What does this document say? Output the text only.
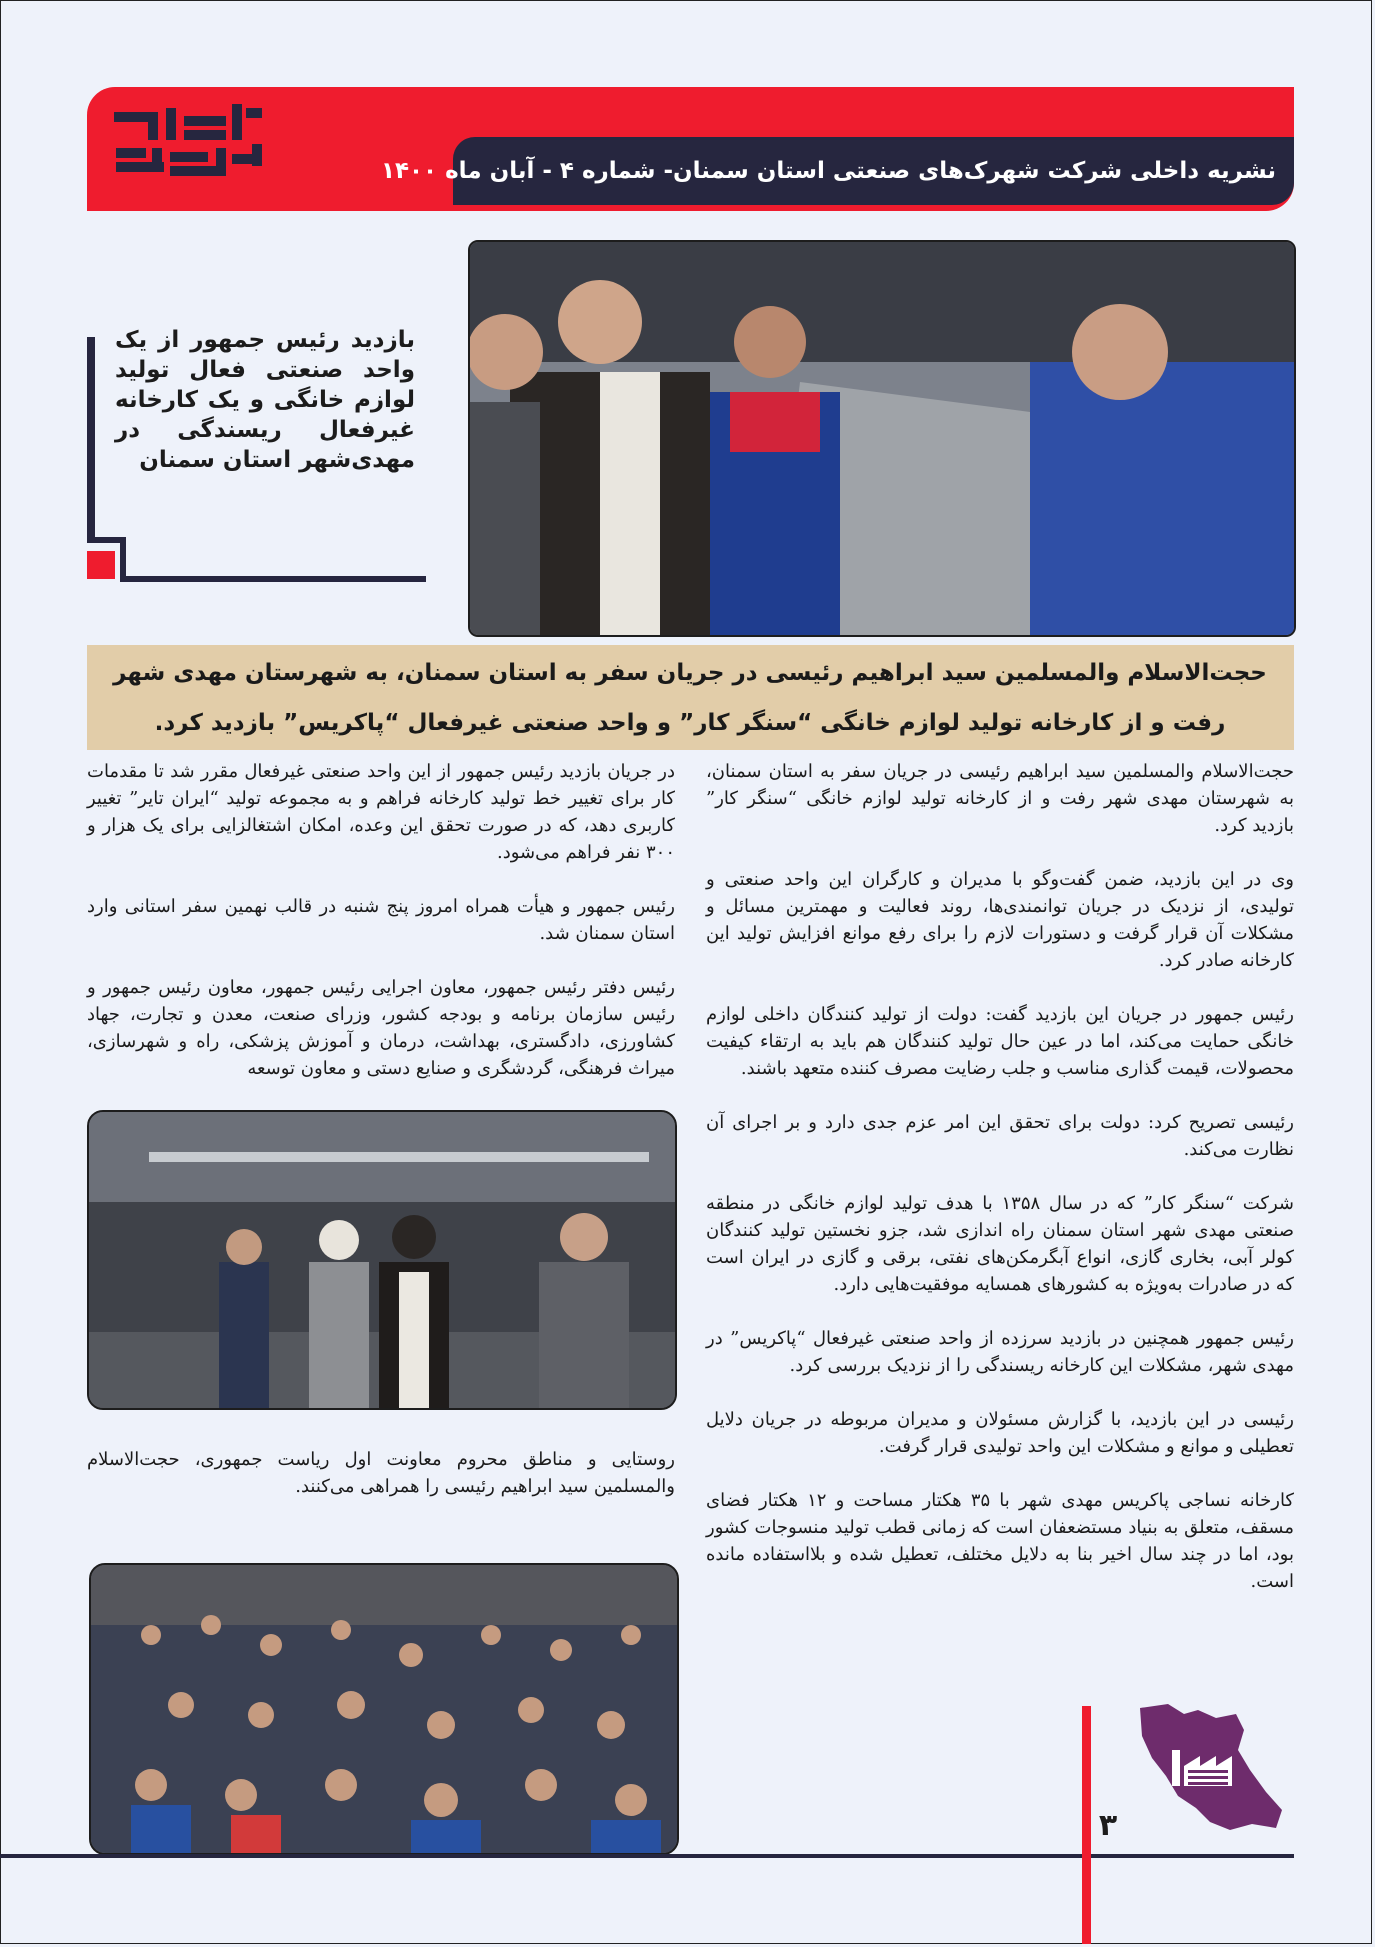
نشریه داخلی شرکت شهرک‌های صنعتی استان سمنان- شماره ۴ - آبان ماه ۱۴۰۰
بازدید رئیس جمهور از یک واحد صنعتی فعال تولید لوازم خانگی و یک کارخانه غیرفعال ریسندگی در مهدی‌شهر استان سمنان
حجت‌الاسلام والمسلمین سید ابراهیم رئیسی در جریان سفر به استان سمنان، به شهرستان مهدی شهر رفت و از کارخانه تولید لوازم خانگی “سنگر کار” و واحد صنعتی غیرفعال “پاکریس” بازدید کرد.

حجت‌الاسلام والمسلمین سید ابراهیم رئیسی در جریان سفر به استان سمنان، به شهرستان مهدی شهر رفت و از کارخانه تولید لوازم خانگی “سنگر کار” بازدید کرد.

وی در این بازدید، ضمن گفت‌وگو با مدیران و کارگران این واحد صنعتی و تولیدی، از نزدیک در جریان توانمندی‌ها، روند فعالیت و مهمترین مسائل و مشکلات آن قرار گرفت و دستورات لازم را برای رفع موانع افزایش تولید این کارخانه صادر کرد.

رئیس جمهور در جریان این بازدید گفت: دولت از تولید کنندگان داخلی لوازم خانگی حمایت می‌کند، اما در عین حال تولید کنندگان هم باید به ارتقاء کیفیت محصولات، قیمت گذاری مناسب و جلب رضایت مصرف کننده متعهد باشند.

رئیسی تصریح کرد: دولت برای تحقق این امر عزم جدی دارد و بر اجرای آن نظارت می‌کند.

شرکت “سنگر کار” که در سال ۱۳۵۸ با هدف تولید لوازم خانگی در منطقه صنعتی مهدی شهر استان سمنان راه اندازی شد، جزو نخستین تولید کنندگان کولر آبی، بخاری گازی، انواع آبگرمکن‌های نفتی، برقی و گازی در ایران است که در صادرات به‌ویژه به کشورهای همسایه موفقیت‌هایی دارد.

رئیس جمهور همچنین در بازدید سرزده از واحد صنعتی غیرفعال “پاکریس” در مهدی شهر، مشکلات این کارخانه ریسندگی را از نزدیک بررسی کرد.

رئیسی در این بازدید، با گزارش مسئولان و مدیران مربوطه در جریان دلایل تعطیلی و موانع و مشکلات این واحد تولیدی قرار گرفت.

کارخانه نساجی پاکریس مهدی شهر با ۳۵ هکتار مساحت و ۱۲ هکتار فضای مسقف، متعلق به بنیاد مستضعفان است که زمانی قطب تولید منسوجات کشور بود، اما در چند سال اخیر بنا به دلایل مختلف، تعطیل شده و بلااستفاده مانده است.

در جریان بازدید رئیس جمهور از این واحد صنعتی غیرفعال مقرر شد تا مقدمات کار برای تغییر خط تولید کارخانه فراهم و به مجموعه تولید “ایران تایر” تغییر کاربری دهد، که در صورت تحقق این وعده، امکان اشتغالزایی برای یک هزار و ۳۰۰ نفر فراهم می‌شود.

رئیس جمهور و هیأت همراه امروز پنج شنبه در قالب نهمین سفر استانی وارد استان سمنان شد.

رئیس دفتر رئیس جمهور، معاون اجرایی رئیس جمهور، معاون رئیس جمهور و رئیس سازمان برنامه و بودجه کشور، وزرای صنعت، معدن و تجارت، جهاد کشاورزی، دادگستری، بهداشت، درمان و آموزش پزشکی، راه و شهرسازی، میراث فرهنگی، گردشگری و صنایع دستی و معاون توسعه

روستایی و مناطق محروم معاونت اول ریاست جمهوری، حجت‌الاسلام والمسلمین سید ابراهیم رئیسی را همراهی می‌کنند.
۳
